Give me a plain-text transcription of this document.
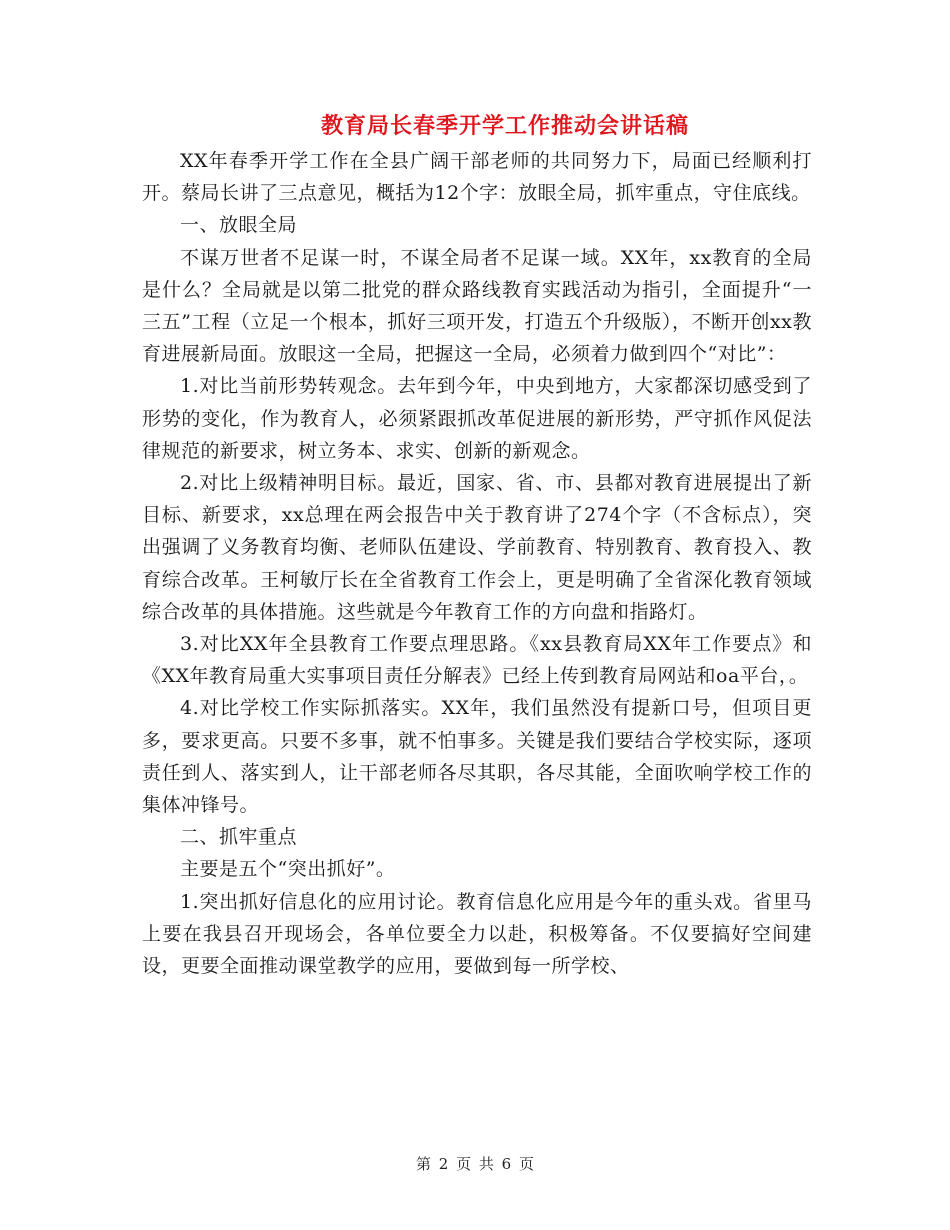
教育局长春季开学工作推动会讲话稿

XX年春季开学工作在全县广阔干部老师的共同努力下，局面已经顺利打开。蔡局长讲了三点意见，概括为12个字：放眼全局，抓牢重点，守住底线。

一、放眼全局

不谋万世者不足谋一时，不谋全局者不足谋一域。XX年，xx教育的全局是什么？全局就是以第二批党的群众路线教育实践活动为指引，全面提升“一三五”工程（立足一个根本，抓好三项开发，打造五个升级版），不断开创xx教育进展新局面。放眼这一全局，把握这一全局，必须着力做到四个“对比”：

1.对比当前形势转观念。去年到今年，中央到地方，大家都深切感受到了形势的变化，作为教育人，必须紧跟抓改革促进展的新形势，严守抓作风促法律规范的新要求，树立务本、求实、创新的新观念。

2.对比上级精神明目标。最近，国家、省、市、县都对教育进展提出了新目标、新要求，xx总理在两会报告中关于教育讲了274个字（不含标点），突出强调了义务教育均衡、老师队伍建设、学前教育、特别教育、教育投入、教育综合改革。王柯敏厅长在全省教育工作会上，更是明确了全省深化教育领域综合改革的具体措施。这些就是今年教育工作的方向盘和指路灯。

3.对比XX年全县教育工作要点理思路。《xx县教育局XX年工作要点》和《XX年教育局重大实事项目责任分解表》已经上传到教育局网站和oa平台，。

4.对比学校工作实际抓落实。XX年，我们虽然没有提新口号，但项目更多，要求更高。只要不多事，就不怕事多。关键是我们要结合学校实际，逐项责任到人、落实到人，让干部老师各尽其职，各尽其能，全面吹响学校工作的集体冲锋号。

二、抓牢重点

主要是五个“突出抓好”。

1.突出抓好信息化的应用讨论。教育信息化应用是今年的重头戏。省里马上要在我县召开现场会，各单位要全力以赴，积极筹备。不仅要搞好空间建设，更要全面推动课堂教学的应用，要做到每一所学校、

第 2 页 共 6 页
